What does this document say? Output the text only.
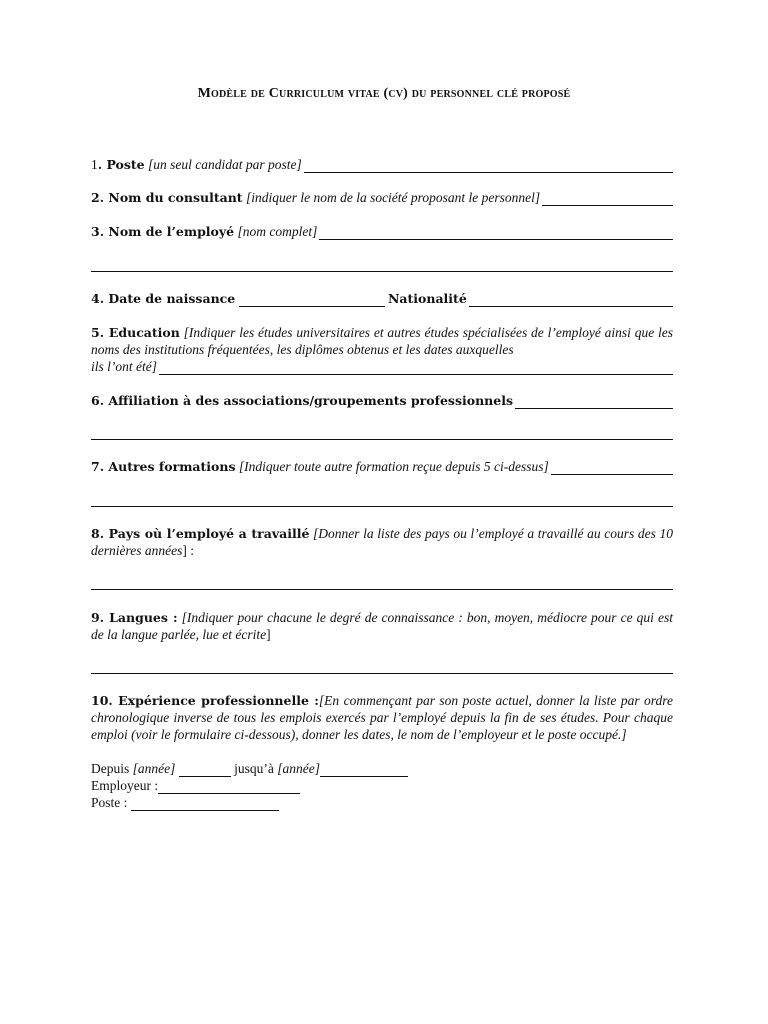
Modèle de Curriculum vitae (cv) du personnel clé proposé
1 . Poste
[un seul candidat par poste]
2. Nom du consultant
[indiquer le nom de la société proposant le personnel]
3. Nom de l’employé
[nom complet]
4. Date de naissance

	Nationalité
5. Education [Indiquer les études universitaires et autres études spécialisées de l’employé ainsi que les noms des institutions fréquentées, les diplômes obtenus et les dates auxquelles
ils l’ont été]
6. Affiliation à des associations/groupements professionnels
7. Autres formations
[Indiquer toute autre formation reçue depuis 5 ci-dessus]
8. Pays où l’employé a travaillé [Donner la liste des pays ou l’employé a travaillé au cours des 10 dernières années] :
9. Langues : [Indiquer pour chacune le degré de connaissance : bon, moyen, médiocre pour ce qui est de la langue parlée, lue et écrite]
10. Expérience professionnelle :[En commençant par son poste actuel, donner la liste par ordre chronologique inverse de tous les emplois exercés par l’employé depuis la fin de ses études. Pour chaque emploi (voir le formulaire ci-dessous), donner les dates, le nom de l’employeur et le poste occupé.]
Depuis [année]	jusqu’à [année]
Employeur :
Poste :
